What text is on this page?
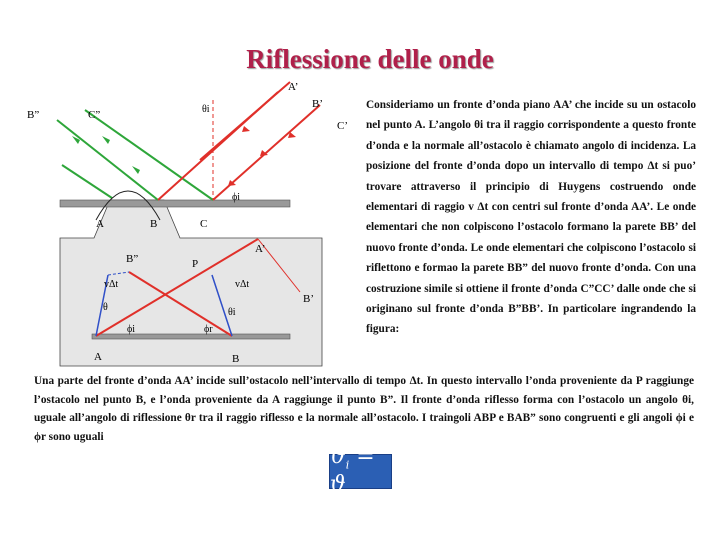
Riflessione delle onde
A’
B’
C’
B”	C”	θi
ϕi
A	B	C
A’
B”	P
B’
vΔt	vΔt
θ	θi
ϕi	ϕr
A	B
Consideriamo un fronte d’onda piano AA’ che incide su un ostacolo nel punto A. L’angolo θi tra il raggio corrispondente a questo fronte d’onda e la normale all’ostacolo è chiamato angolo di incidenza. La posizione del fronte d’onda dopo un intervallo di tempo Δt si puo’ trovare attraverso il principio di Huygens costruendo onde elementari di raggio v Δt con centri sul fronte d’onda AA’. Le onde elementari che non colpiscono l’ostacolo formano la parete BB’ del nuovo fronte d’onda. Le onde elementari che colpiscono l’ostacolo si riflettono e formao la parete BB” del nuovo fronte d’onda. Con una costruzione simile si ottiene il fronte d’onda C”CC’ dalle onde che si originano sul fronte d’onda B”BB’. In particolare ingrandendo la figura:
Una parte del fronte d’onda AA’ incide sull’ostacolo nell’intervallo di tempo Δt. In questo intervallo l’onda proveniente da P raggiunge l’ostacolo nel punto B, e l’onda proveniente da A raggiunge il punto B”. Il fronte d’onda riflesso forma con l’ostacolo un angolo θi, uguale all’angolo di riflessione θr tra il raggio riflesso e la normale all’ostacolo. I traingoli ABP e BAB” sono congruenti e gli angoli ϕi e ϕr sono uguali
$ϑ_i = ϑ_r$
